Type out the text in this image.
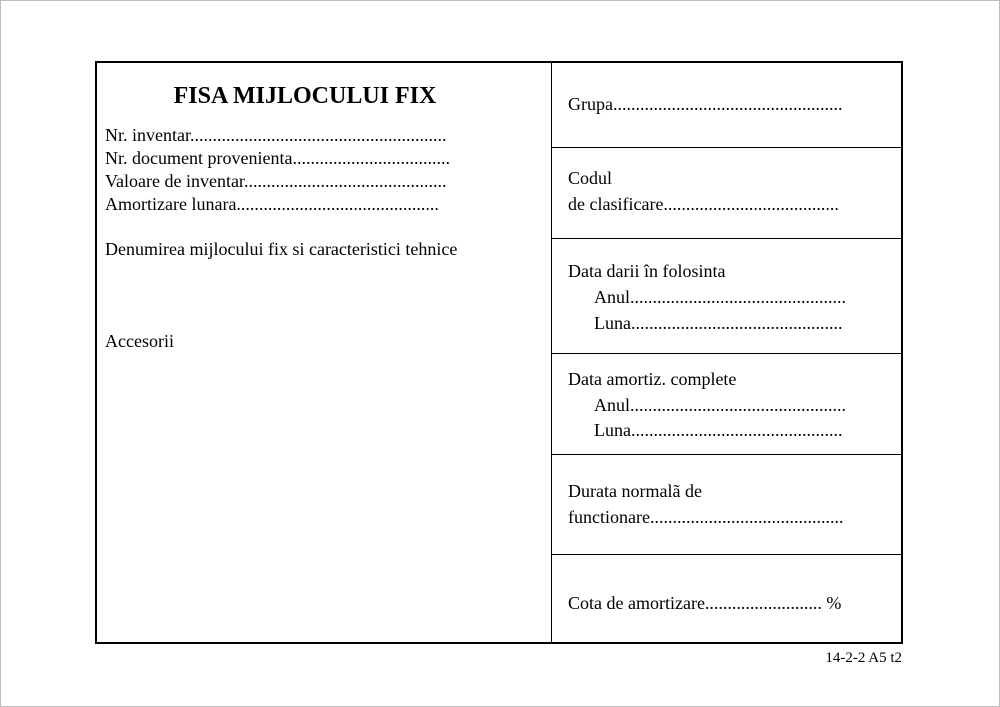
FISA MIJLOCULUI FIX
Nr. inventar.........................................................
Nr. document provenienta...................................
Valoare de inventar.............................................
Amortizare lunara.............................................
Denumirea mijlocului fix si caracteristici tehnice
Accesorii
Grupa...................................................
Codul
de clasificare.......................................
Data darii în folosinta
Anul................................................
Luna...............................................
Data amortiz. complete
Anul................................................
Luna...............................................
Durata normalã de
functionare...........................................
Cota de amortizare.......................... %
14-2-2 A5 t2
